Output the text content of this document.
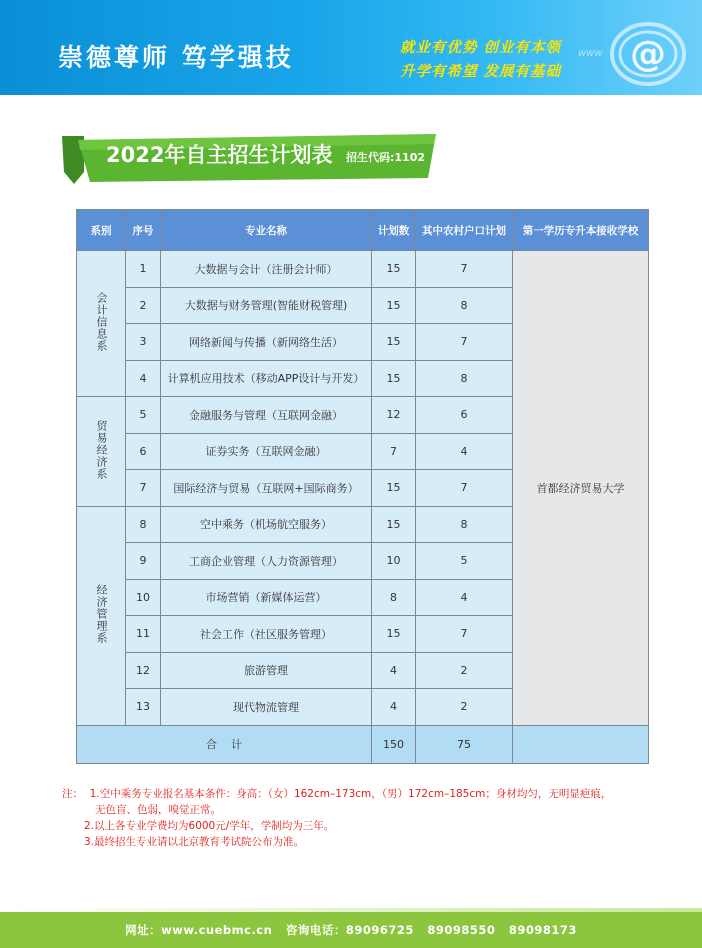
崇德尊师 笃学强技	就业有优势 创业有本领
升学有希望 发展有基础
www @
2022年自主招生计划表 招生代码:1102
系别	序号	专业名称	计划数	其中农村户口计划	第一学历专升本接收学校
会计信息系	1	大数据与会计（注册会计师）	15	7	首都经济贸易大学
	2	大数据与财务管理(智能财税管理)	15	8	
	3	网络新闻与传播（新网络生活）	15	7	
	4	计算机应用技术（移动APP设计与开发）	15	8	
贸易经济系	5	金融服务与管理（互联网金融）	12	6	
	6	证券实务（互联网金融）	7	4	
	7	国际经济与贸易（互联网+国际商务）	15	7	
经济管理系	8	空中乘务（机场航空服务）	15	8	
	9	工商企业管理（人力资源管理）	10	5	
	10	市场营销（新媒体运营）	8	4	
	11	社会工作（社区服务管理）	15	7	
	12	旅游管理	4	2	
	13	现代物流管理	4	2	
合    计			150	75	
注：  1.空中乘务专业报名基本条件：身高：（女）162cm–173cm，（男）172cm–185cm；身材均匀，无明显疤痕，
无色盲、色弱，嗅觉正常。
2.以上各专业学费均为6000元/学年，学制均为三年。
3.最终招生专业请以北京教育考试院公布为准。
网址：www.cuebmc.cn   咨询电话：89096725   89098550   89098173
